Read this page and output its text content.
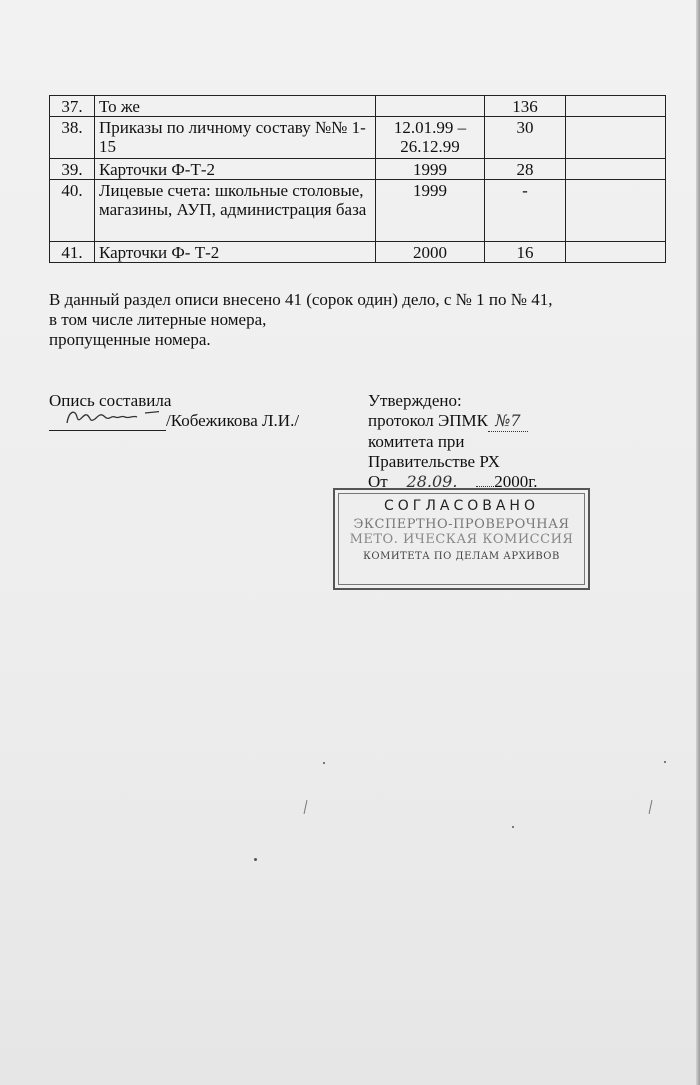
37.	То же		136	
38.	Приказы по личному составу №№ 1-15	12.01.99 – 26.12.99	30	
39.	Карточки Ф-Т-2	1999	28	
40.	Лицевые счета: школьные столовые, магазины, АУП, администрация база	1999	-	
41.	Карточки Ф- Т-2	2000	16	
В данный раздел описи внесено 41 (сорок один) дело, с № 1 по № 41,
в том числе литерные номера,
пропущенные номера.
Опись составила
/Кобежикова Л.И./
Утверждено:
протокол ЭПМК №7
комитета при
Правительстве РХ
От 28.09. 2000г.
СОГЛАСОВАНО
ЭКСПЕРТНО-ПРОВЕРОЧНАЯ
МЕТО. ИЧЕСКАЯ КОМИССИЯ
КОМИТЕТА ПО ДЕЛАМ АРХИВОВ
